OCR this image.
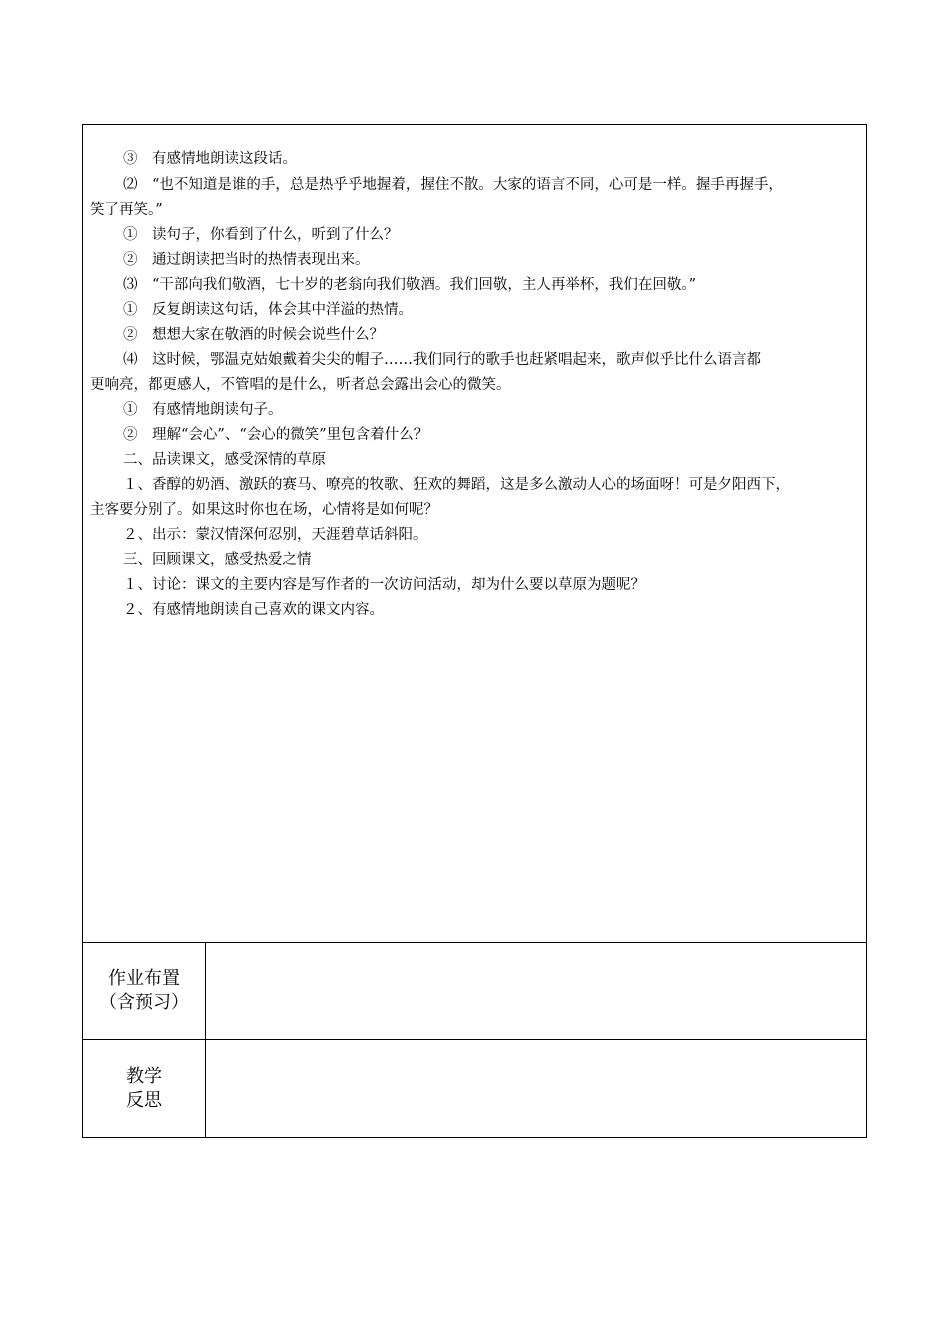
③　有感情地朗读这段话。
⑵　“也不知道是谁的手，总是热乎乎地握着，握住不散。大家的语言不同，心可是一样。握手再握手，
笑了再笑。”
①　读句子，你看到了什么，听到了什么？
②　通过朗读把当时的热情表现出来。
⑶　“干部向我们敬酒，七十岁的老翁向我们敬酒。我们回敬，主人再举杯，我们在回敬。”
①　反复朗读这句话，体会其中洋溢的热情。
②　想想大家在敬酒的时候会说些什么？
⑷　这时候，鄂温克姑娘戴着尖尖的帽子……我们同行的歌手也赶紧唱起来，歌声似乎比什么语言都
更响亮，都更感人，不管唱的是什么，听者总会露出会心的微笑。
①　有感情地朗读句子。
②　理解“会心”、“会心的微笑”里包含着什么？
二、品读课文，感受深情的草原
１、香醇的奶酒、激跃的赛马、嘹亮的牧歌、狂欢的舞蹈，这是多么激动人心的场面呀！可是夕阳西下，
主客要分别了。如果这时你也在场，心情将是如何呢？
２、出示：蒙汉情深何忍别，天涯碧草话斜阳。
三、回顾课文，感受热爱之情
１、讨论：课文的主要内容是写作者的一次访问活动，却为什么要以草原为题呢？
２、有感情地朗读自己喜欢的课文内容。
作业布置
（含预习）
教学
反思
